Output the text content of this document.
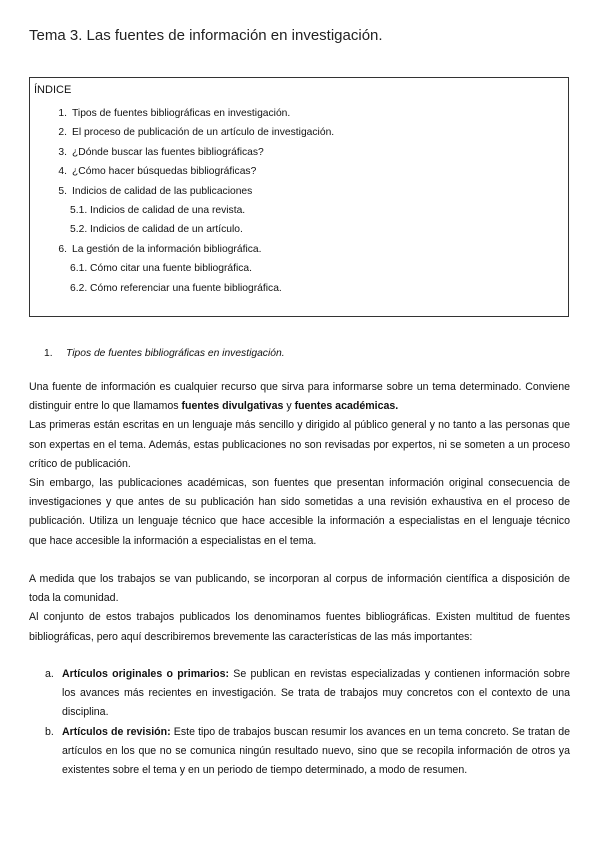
Tema 3. Las fuentes de información en investigación.
ÍNDICE
1. Tipos de fuentes bibliográficas en investigación.
2. El proceso de publicación de un artículo de investigación.
3. ¿Dónde buscar las fuentes bibliográficas?
4. ¿Cómo hacer búsquedas bibliográficas?
5. Indicios de calidad de las publicaciones
5.1. Indicios de calidad de una revista.
5.2. Indicios de calidad de un artículo.
6. La gestión de la información bibliográfica.
6.1. Cómo citar una fuente bibliográfica.
6.2. Cómo referenciar una fuente bibliográfica.
1. Tipos de fuentes bibliográficas en investigación.

Una fuente de información es cualquier recurso que sirva para informarse sobre un tema determinado. Conviene distinguir entre lo que llamamos fuentes divulgativas y fuentes académicas.

Las primeras están escritas en un lenguaje más sencillo y dirigido al público general y no tanto a las personas que son expertas en el tema. Además, estas publicaciones no son revisadas por expertos, ni se someten a un proceso crítico de publicación.

Sin embargo, las publicaciones académicas, son fuentes que presentan información original consecuencia de investigaciones y que antes de su publicación han sido sometidas a una revisión exhaustiva en el proceso de publicación. Utiliza un lenguaje técnico que hace accesible la información a especialistas en el lenguaje técnico que hace accesible la información a especialistas en el tema.

A medida que los trabajos se van publicando, se incorporan al corpus de información científica a disposición de toda la comunidad.

Al conjunto de estos trabajos publicados los denominamos fuentes bibliográficas. Existen multitud de fuentes bibliográficas, pero aquí describiremos brevemente las características de las más importantes:

a. Artículos originales o primarios: Se publican en revistas especializadas y contienen información sobre los avances más recientes en investigación. Se trata de trabajos muy concretos con el contexto de una disciplina.
b. Artículos de revisión: Este tipo de trabajos buscan resumir los avances en un tema concreto. Se tratan de artículos en los que no se comunica ningún resultado nuevo, sino que se recopila información de otros ya existentes sobre el tema y en un periodo de tiempo determinado, a modo de resumen.
